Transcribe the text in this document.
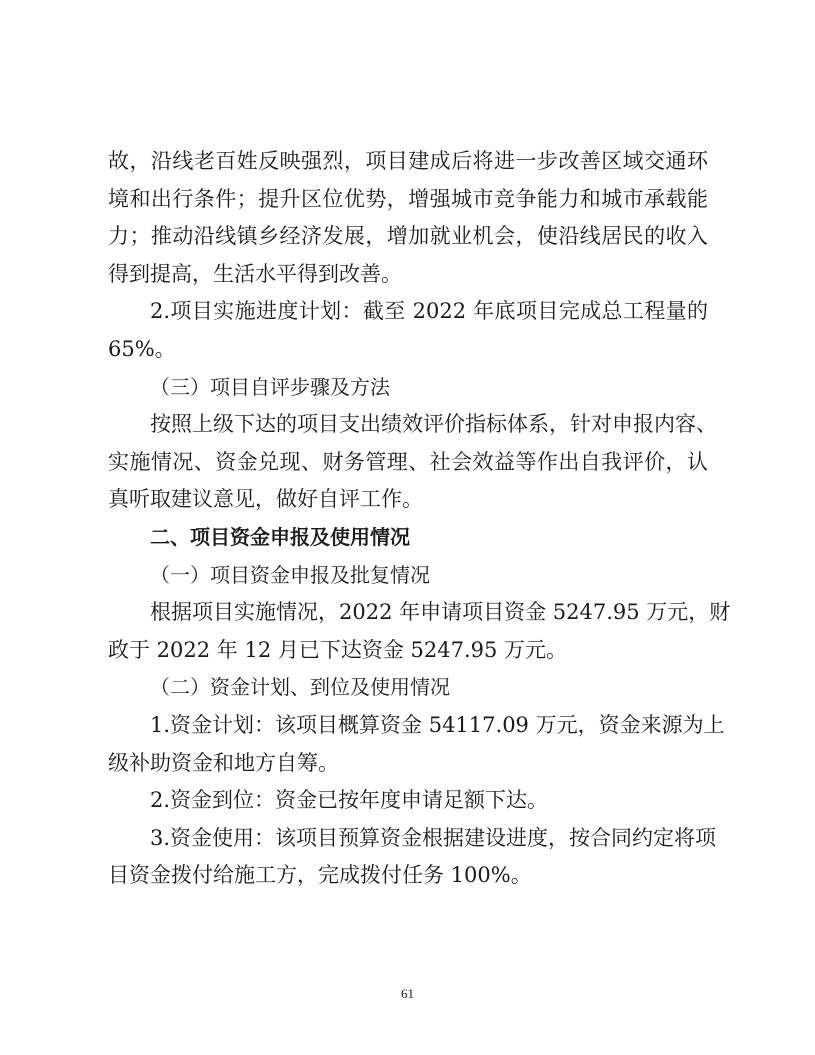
故，沿线老百姓反映强烈，项目建成后将进一步改善区域交通环
境和出行条件；提升区位优势，增强城市竞争能力和城市承载能
力；推动沿线镇乡经济发展，增加就业机会，使沿线居民的收入
得到提高，生活水平得到改善。
2.项目实施进度计划：截至 2022 年底项目完成总工程量的
65%。
（三）项目自评步骤及方法
按照上级下达的项目支出绩效评价指标体系，针对申报内容、
实施情况、资金兑现、财务管理、社会效益等作出自我评价，认
真听取建议意见，做好自评工作。
二、项目资金申报及使用情况
（一）项目资金申报及批复情况
根据项目实施情况，2022 年申请项目资金 5247.95 万元，财
政于 2022 年 12 月已下达资金 5247.95 万元。
（二）资金计划、到位及使用情况
1.资金计划：该项目概算资金 54117.09 万元，资金来源为上
级补助资金和地方自筹。
2.资金到位：资金已按年度申请足额下达。
3.资金使用：该项目预算资金根据建设进度，按合同约定将项
目资金拨付给施工方，完成拨付任务 100%。
61
